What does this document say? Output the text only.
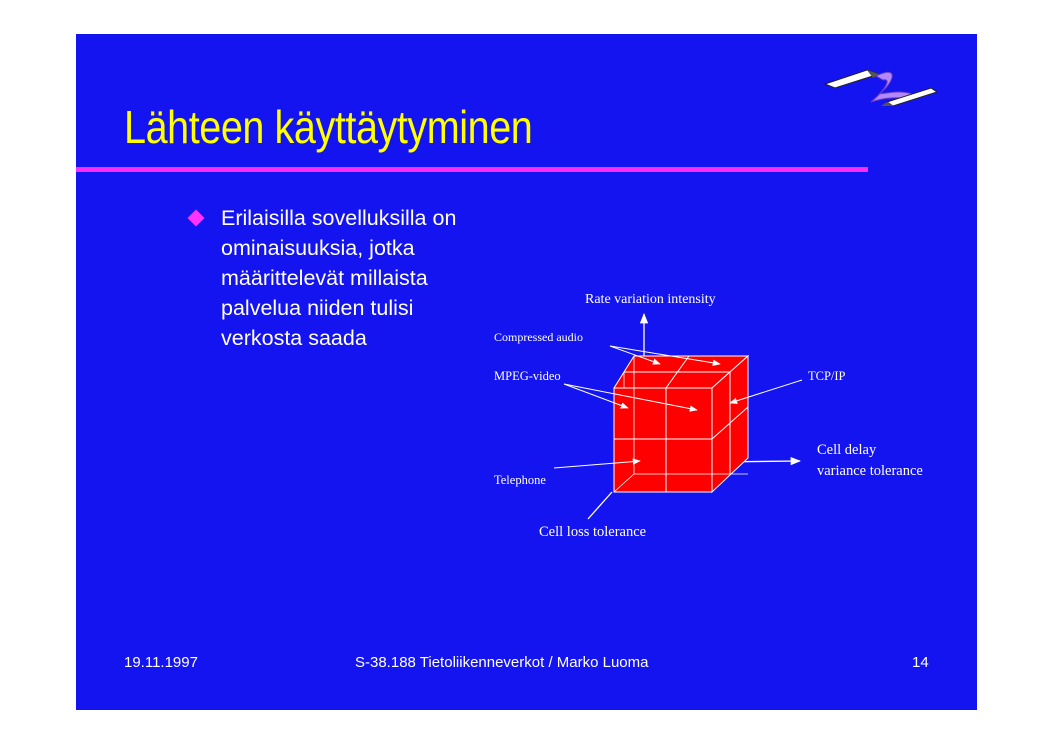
Lähteen käyttäytyminen
Erilaisilla sovelluksilla on
ominaisuuksia, jotka
määrittelevät millaista
palvelua niiden tulisi
verkosta saada
Rate variation intensity
Cell delay
variance tolerance
Cell loss tolerance
Compressed audio
MPEG-video	TCP/IP
Telephone
19.11.1997	S-38.188 Tietoliikenneverkot / Marko Luoma	14
